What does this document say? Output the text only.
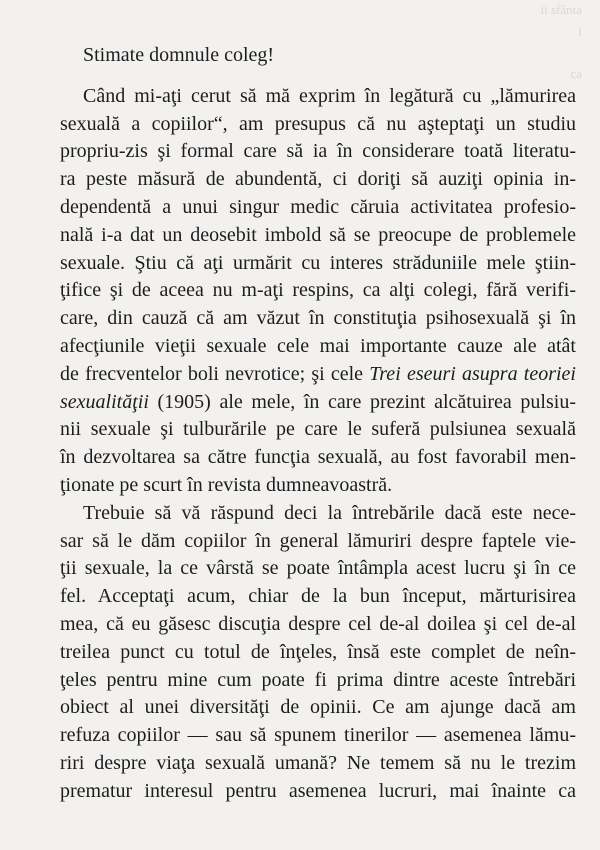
ii sfânta
l
ca
Stimate domnule coleg!
Când mi-aţi cerut să mă exprim în legătură cu „lămurirea
sexuală a copiilor“, am presupus că nu aşteptaţi un studiu
propriu-zis şi formal care să ia în considerare toată literatu-
ra peste măsură de abundentă, ci doriţi să auziţi opinia in-
dependentă a unui singur medic căruia activitatea profesio-
nală i-a dat un deosebit imbold să se preocupe de problemele
sexuale. Ştiu că aţi urmărit cu interes străduniile mele ştiin-
ţifice şi de aceea nu m-aţi respins, ca alţi colegi, fără verifi-
care, din cauză că am văzut în constituţia psihosexuală şi în
afecţiunile vieţii sexuale cele mai importante cauze ale atât
de frecventelor boli nevrotice; şi cele Trei eseuri asupra teoriei
sexualităţii (1905) ale mele, în care prezint alcătuirea pulsiu-
nii sexuale şi tulburările pe care le suferă pulsiunea sexuală
în dezvoltarea sa către funcţia sexuală, au fost favorabil men-
ţionate pe scurt în revista dumneavoastră.
Trebuie să vă răspund deci la întrebările dacă este nece-
sar să le dăm copiilor în general lămuriri despre faptele vie-
ţii sexuale, la ce vârstă se poate întâmpla acest lucru şi în ce
fel. Acceptaţi acum, chiar de la bun început, mărturisirea
mea, că eu găsesc discuţia despre cel de-al doilea şi cel de-al
treilea punct cu totul de înţeles, însă este complet de neîn-
ţeles pentru mine cum poate fi prima dintre aceste întrebări
obiect al unei diversităţi de opinii. Ce am ajunge dacă am
refuza copiilor — sau să spunem tinerilor — asemenea lămu-
riri despre viaţa sexuală umană? Ne temem să nu le trezim
prematur interesul pentru asemenea lucruri, mai înainte ca
